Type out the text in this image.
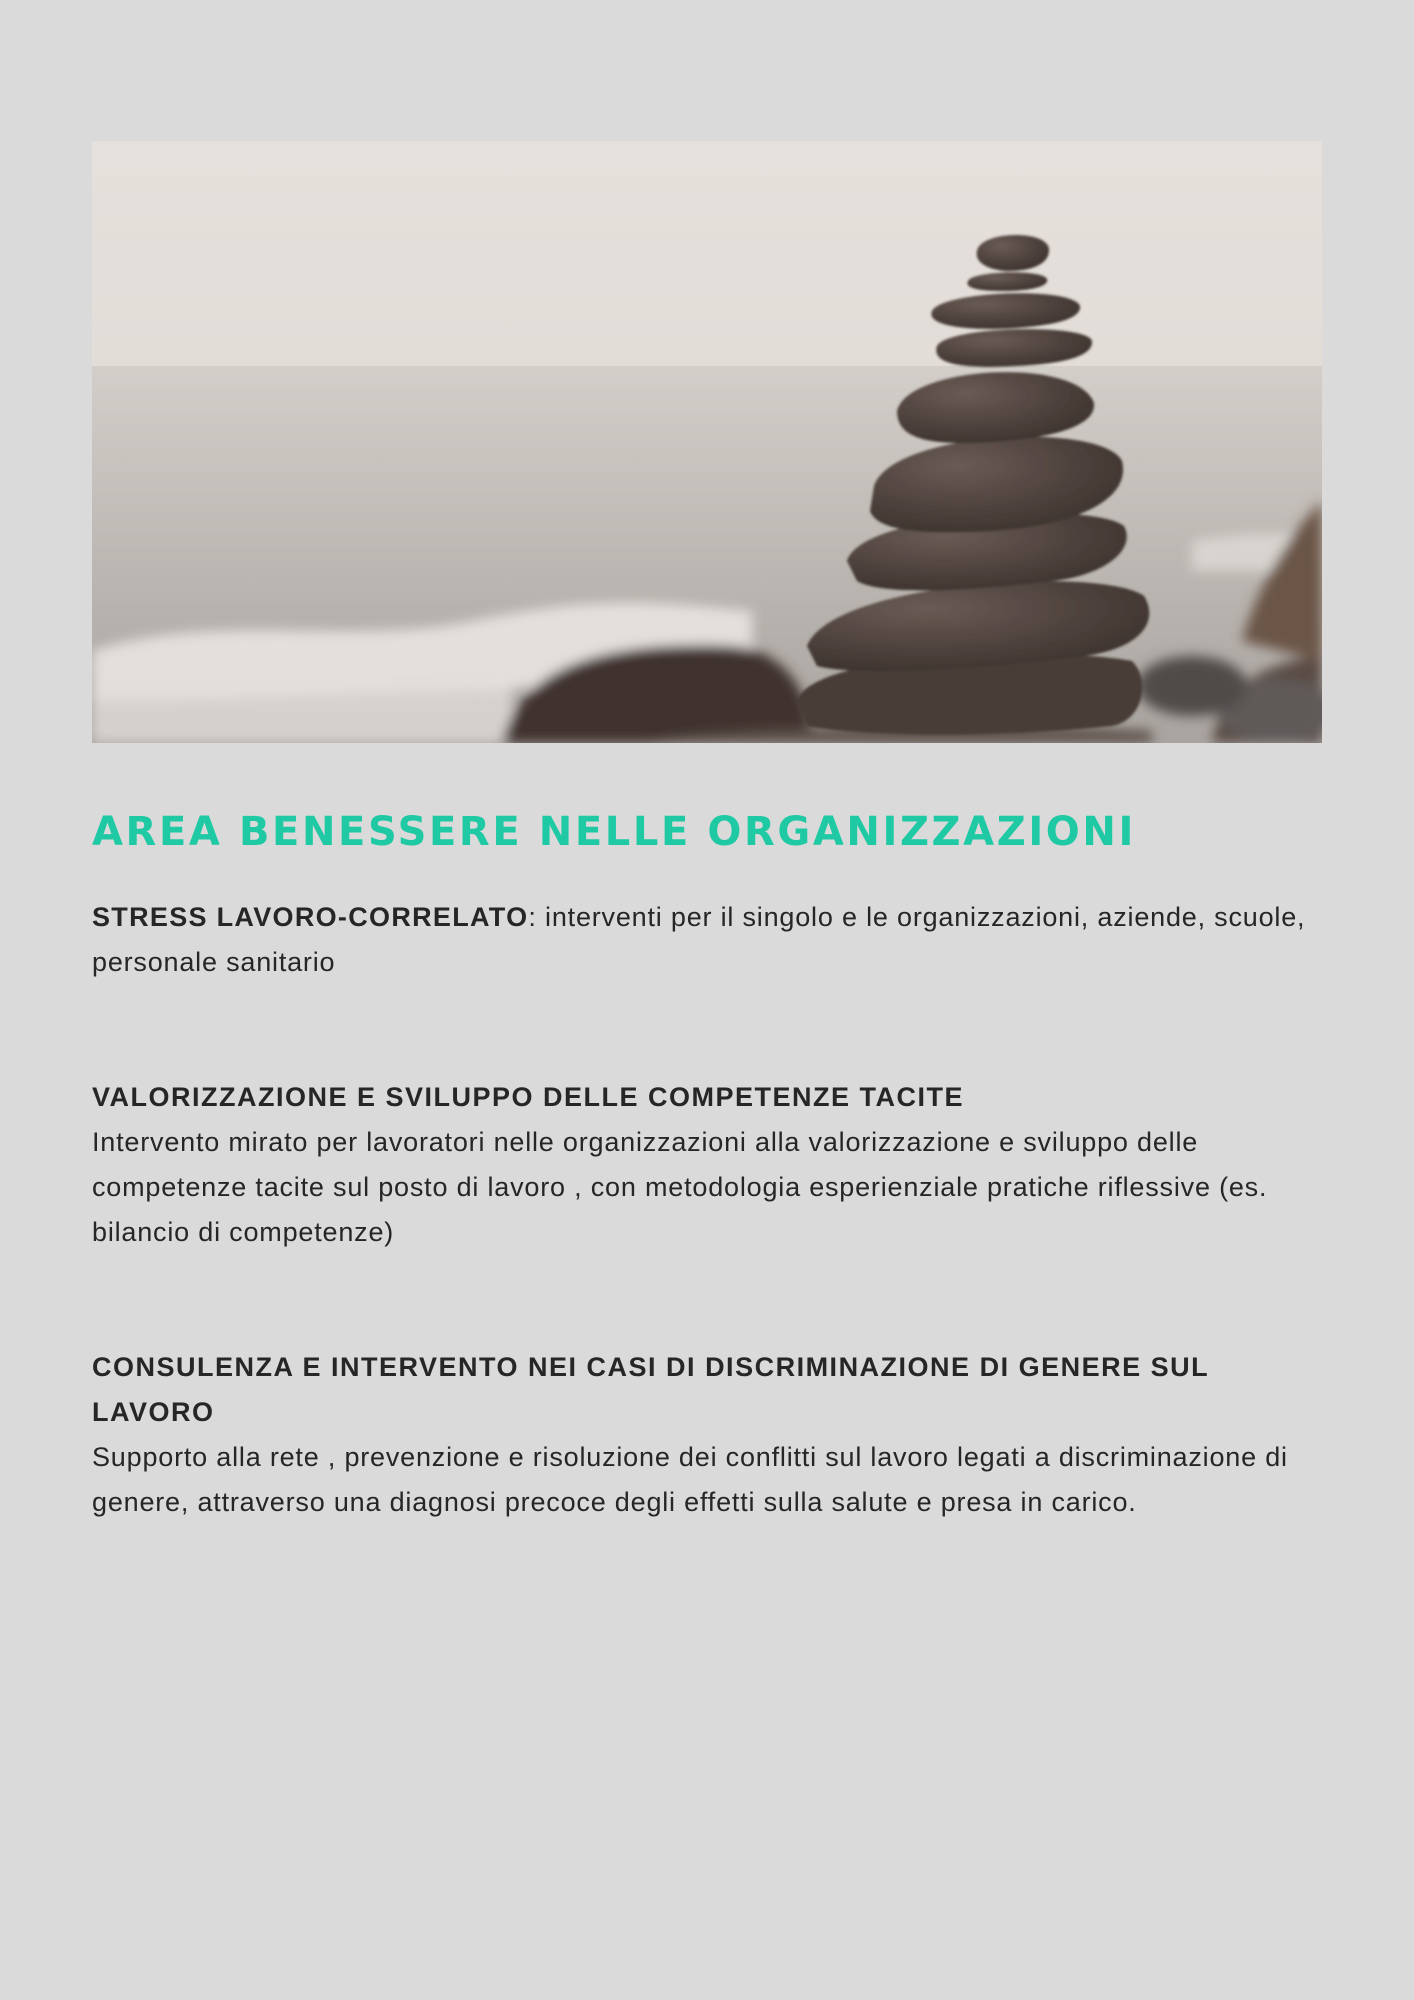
AREA BENESSERE NELLE ORGANIZZAZIONI

STRESS LAVORO-CORRELATO: interventi per il singolo e le organizzazioni, aziende, scuole, personale sanitario

VALORIZZAZIONE E SVILUPPO DELLE COMPETENZE TACITE

Intervento mirato per lavoratori nelle organizzazioni alla valorizzazione e sviluppo delle competenze tacite sul posto di lavoro , con metodologia esperienziale pratiche riflessive (es. bilancio di competenze)

CONSULENZA E INTERVENTO NEI CASI DI DISCRIMINAZIONE DI GENERE SUL LAVORO

Supporto alla rete , prevenzione e risoluzione dei conflitti sul lavoro legati a discriminazione di genere, attraverso una diagnosi precoce degli effetti sulla salute e presa in carico.
